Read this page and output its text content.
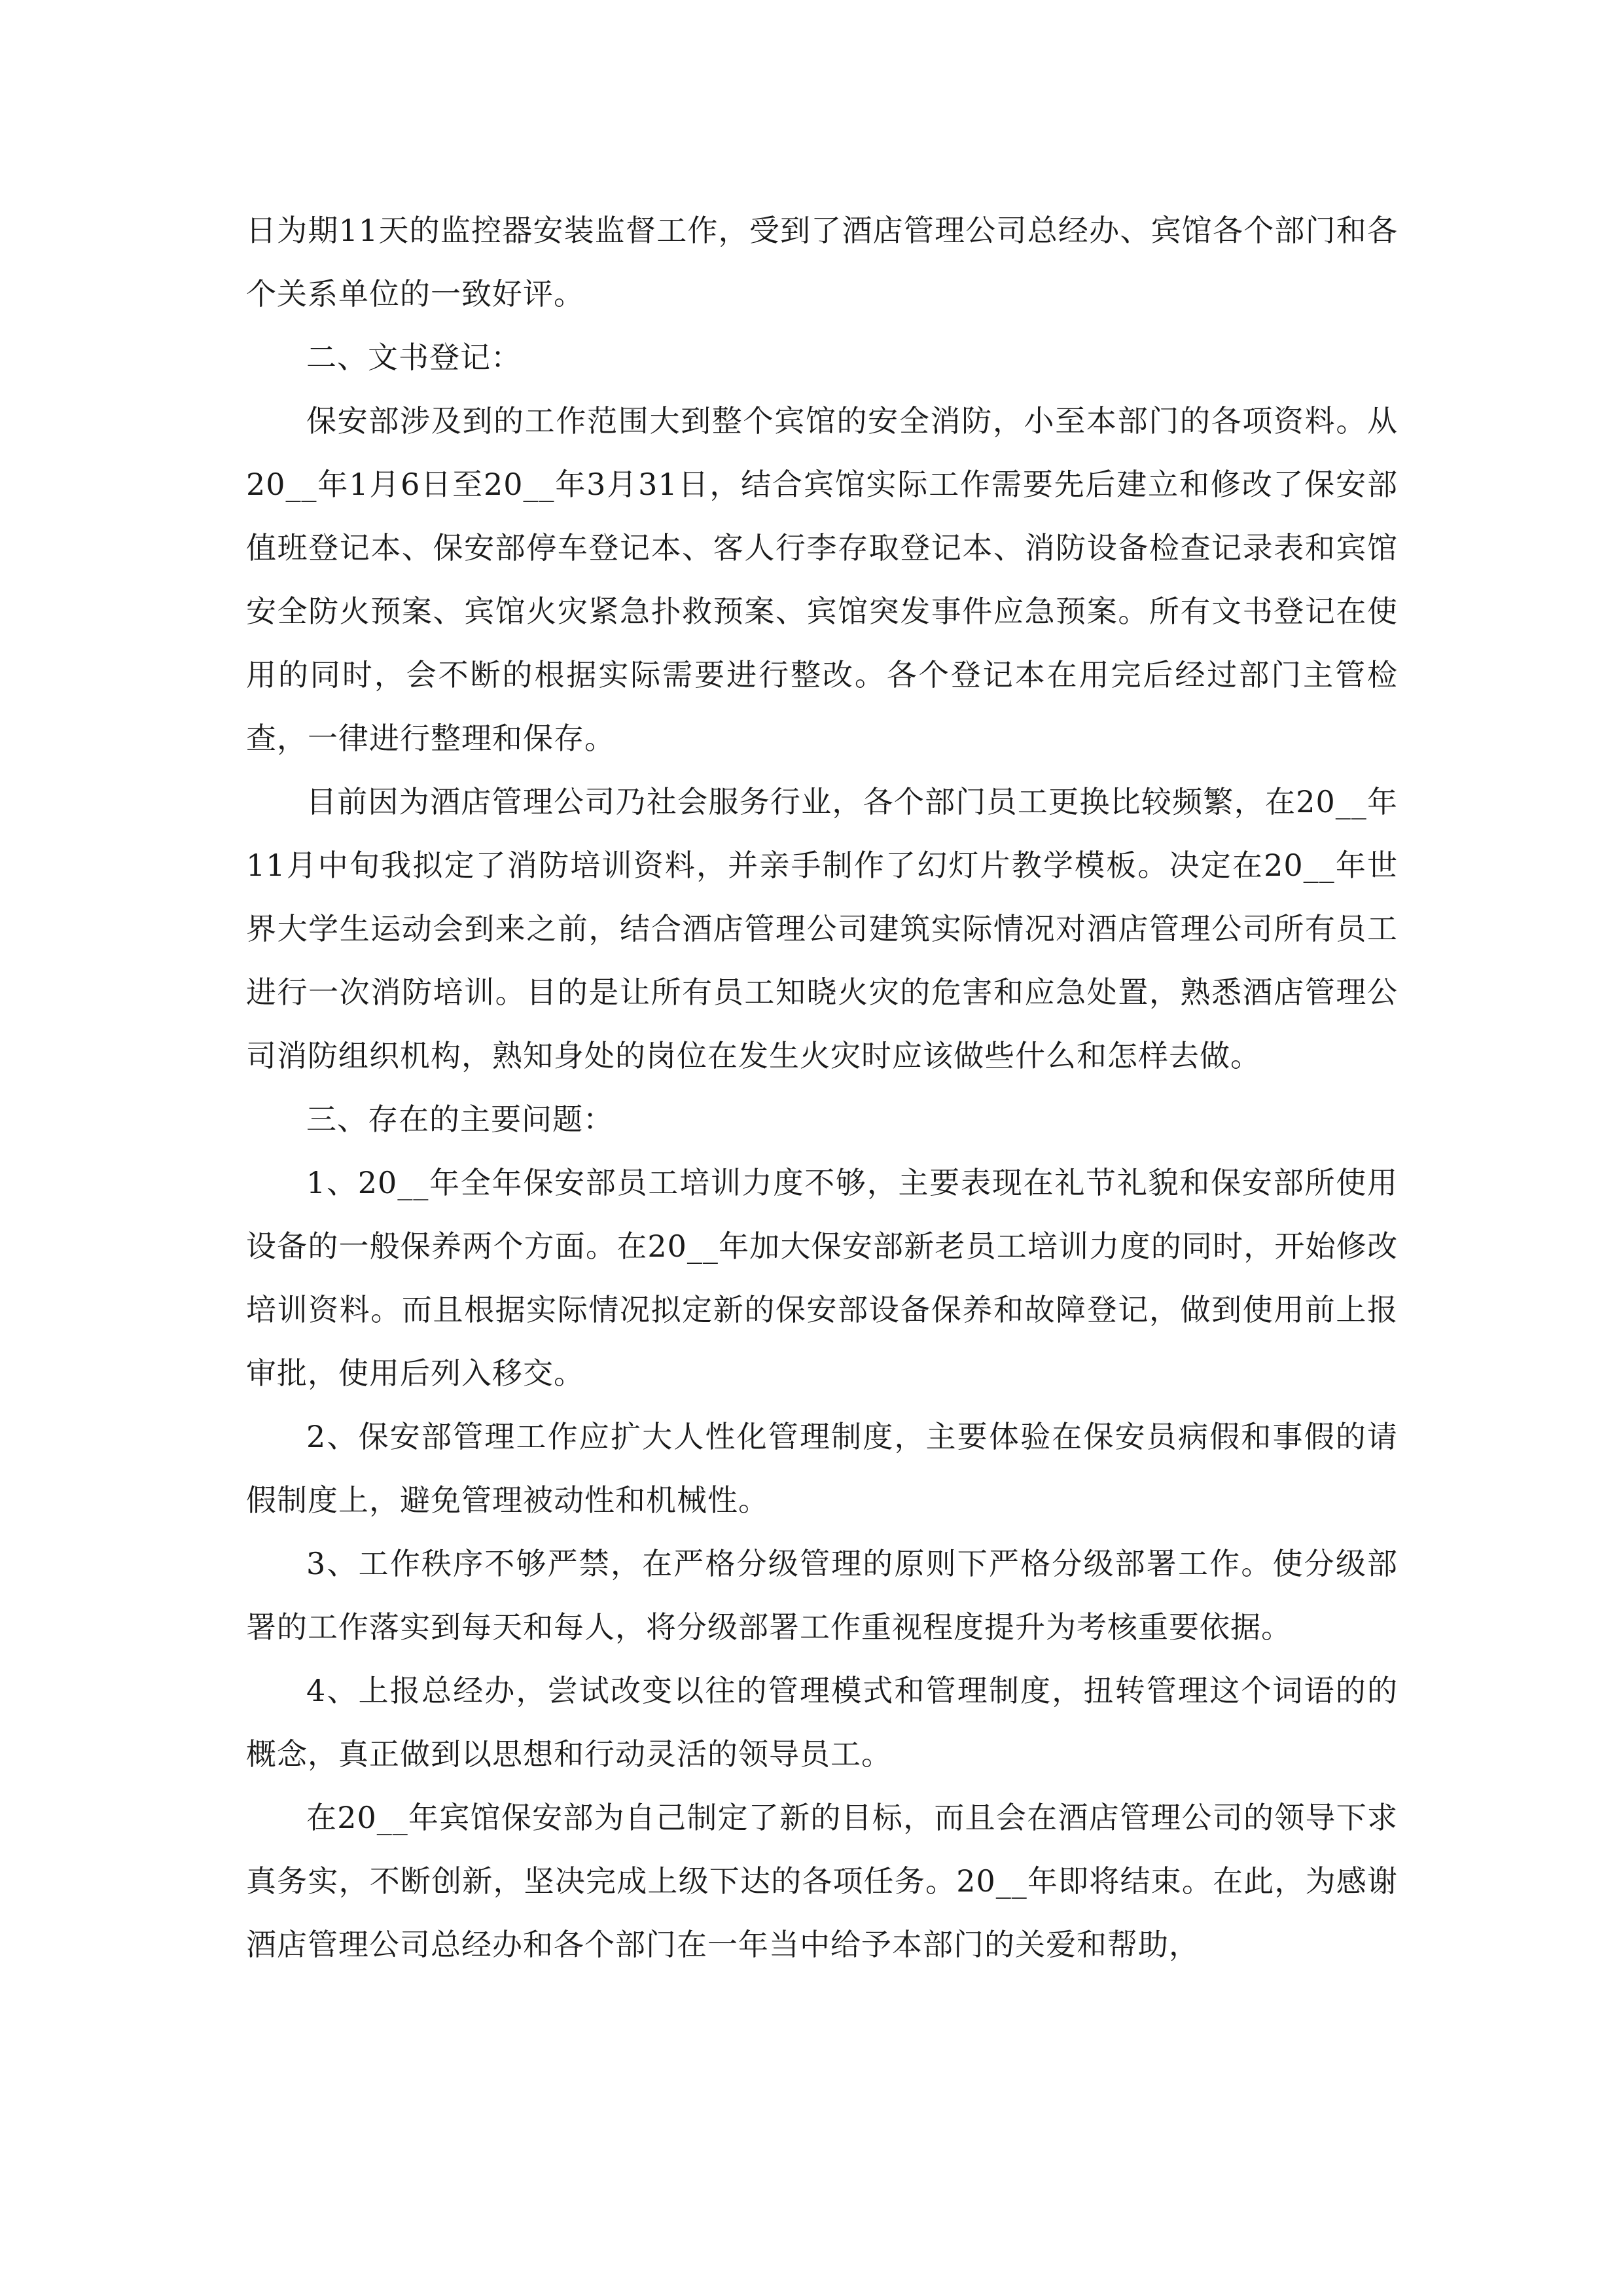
日为期11天的监控器安装监督工作，受到了酒店管理公司总经办、宾馆各个部门和各个关系单位的一致好评。

二、文书登记：

保安部涉及到的工作范围大到整个宾馆的安全消防，小至本部门的各项资料。从20__年1月6日至20__年3月31日，结合宾馆实际工作需要先后建立和修改了保安部值班登记本、保安部停车登记本、客人行李存取登记本、消防设备检查记录表和宾馆安全防火预案、宾馆火灾紧急扑救预案、宾馆突发事件应急预案。所有文书登记在使用的同时，会不断的根据实际需要进行整改。各个登记本在用完后经过部门主管检查，一律进行整理和保存。

目前因为酒店管理公司乃社会服务行业，各个部门员工更换比较频繁，在20__年11月中旬我拟定了消防培训资料，并亲手制作了幻灯片教学模板。决定在20__年世界大学生运动会到来之前，结合酒店管理公司建筑实际情况对酒店管理公司所有员工进行一次消防培训。目的是让所有员工知晓火灾的危害和应急处置，熟悉酒店管理公司消防组织机构，熟知身处的岗位在发生火灾时应该做些什么和怎样去做。

三、存在的主要问题：

1、20__年全年保安部员工培训力度不够，主要表现在礼节礼貌和保安部所使用设备的一般保养两个方面。在20__年加大保安部新老员工培训力度的同时，开始修改培训资料。而且根据实际情况拟定新的保安部设备保养和故障登记，做到使用前上报审批，使用后列入移交。

2、保安部管理工作应扩大人性化管理制度，主要体验在保安员病假和事假的请假制度上，避免管理被动性和机械性。

3、工作秩序不够严禁，在严格分级管理的原则下严格分级部署工作。使分级部署的工作落实到每天和每人，将分级部署工作重视程度提升为考核重要依据。

4、上报总经办，尝试改变以往的管理模式和管理制度，扭转管理这个词语的的概念，真正做到以思想和行动灵活的领导员工。

在20__年宾馆保安部为自己制定了新的目标，而且会在酒店管理公司的领导下求真务实，不断创新，坚决完成上级下达的各项任务。20__年即将结束。在此，为感谢酒店管理公司总经办和各个部门在一年当中给予本部门的关爱和帮助，
